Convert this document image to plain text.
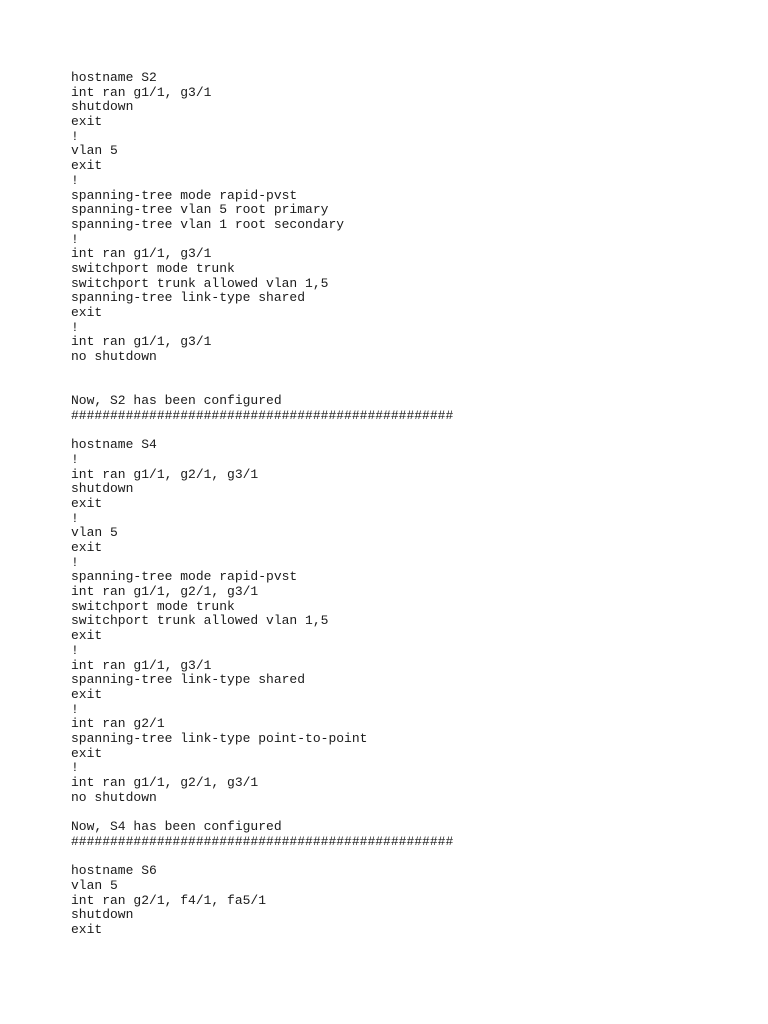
hostname S2
int ran g1/1, g3/1
shutdown
exit
!
vlan 5
exit
!
spanning-tree mode rapid-pvst
spanning-tree vlan 5 root primary
spanning-tree vlan 1 root secondary
!
int ran g1/1, g3/1
switchport mode trunk
switchport trunk allowed vlan 1,5
spanning-tree link-type shared
exit
!
int ran g1/1, g3/1
no shutdown
Now, S2 has been configured
#################################################
hostname S4
!
int ran g1/1, g2/1, g3/1
shutdown
exit
!
vlan 5
exit
!
spanning-tree mode rapid-pvst
int ran g1/1, g2/1, g3/1
switchport mode trunk
switchport trunk allowed vlan 1,5
exit
!
int ran g1/1, g3/1
spanning-tree link-type shared
exit
!
int ran g2/1
spanning-tree link-type point-to-point
exit
!
int ran g1/1, g2/1, g3/1
no shutdown
Now, S4 has been configured
#################################################
hostname S6
vlan 5
int ran g2/1, f4/1, fa5/1
shutdown
exit
